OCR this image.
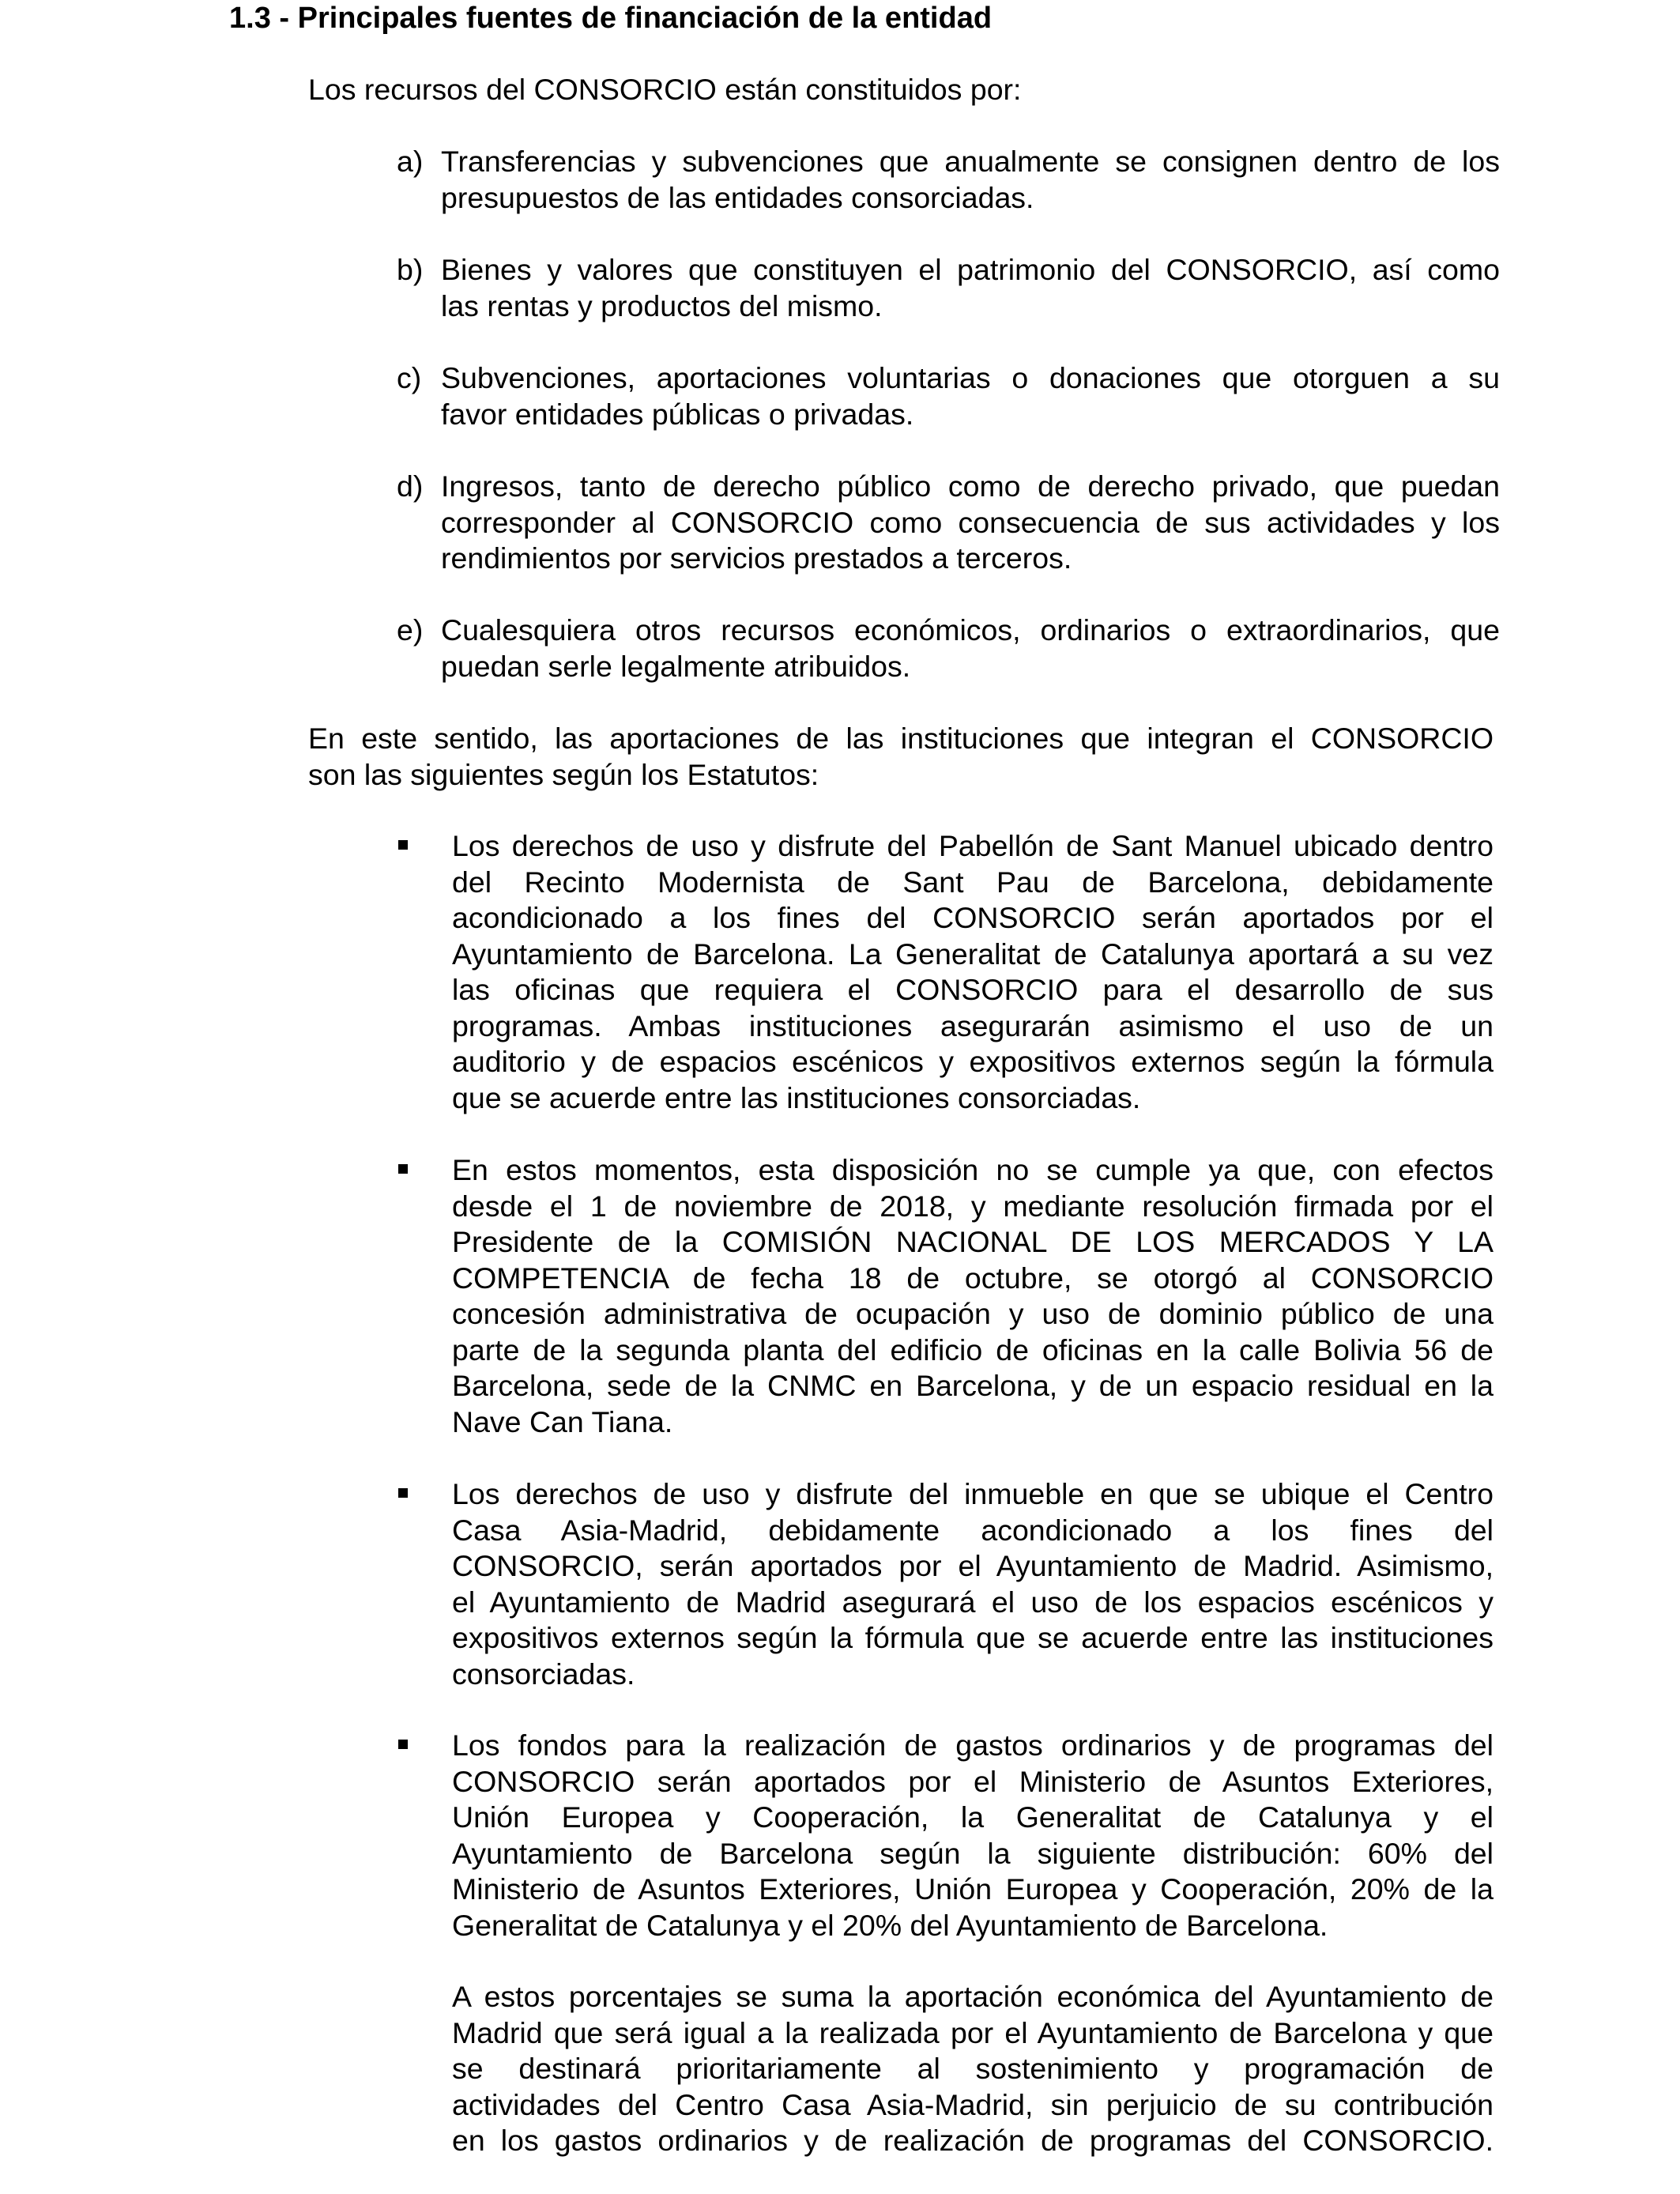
1.3 - Principales fuentes de financiación de la entidad
Los recursos del CONSORCIO están constituidos por:
a) Transferencias y subvenciones que anualmente se consignen dentro de los
presupuestos de las entidades consorciadas.
b) Bienes y valores que constituyen el patrimonio del CONSORCIO, así como
las rentas y productos del mismo.
c) Subvenciones, aportaciones voluntarias o donaciones que otorguen a su
favor entidades públicas o privadas.
d) Ingresos, tanto de derecho público como de derecho privado, que puedan
corresponder al CONSORCIO como consecuencia de sus actividades y los
rendimientos por servicios prestados a terceros.
e) Cualesquiera otros recursos económicos, ordinarios o extraordinarios, que
puedan serle legalmente atribuidos.
En este sentido, las aportaciones de las instituciones que integran el CONSORCIO
son las siguientes según los Estatutos:
Los derechos de uso y disfrute del Pabellón de Sant Manuel ubicado dentro
del Recinto Modernista de Sant Pau de Barcelona, debidamente
acondicionado a los fines del CONSORCIO serán aportados por el
Ayuntamiento de Barcelona. La Generalitat de Catalunya aportará a su vez
las oficinas que requiera el CONSORCIO para el desarrollo de sus
programas. Ambas instituciones asegurarán asimismo el uso de un
auditorio y de espacios escénicos y expositivos externos según la fórmula
que se acuerde entre las instituciones consorciadas.
En estos momentos, esta disposición no se cumple ya que, con efectos
desde el 1 de noviembre de 2018, y mediante resolución firmada por el
Presidente de la COMISIÓN NACIONAL DE LOS MERCADOS Y LA
COMPETENCIA de fecha 18 de octubre, se otorgó al CONSORCIO
concesión administrativa de ocupación y uso de dominio público de una
parte de la segunda planta del edificio de oficinas en la calle Bolivia 56 de
Barcelona, sede de la CNMC en Barcelona, y de un espacio residual en la
Nave Can Tiana.
Los derechos de uso y disfrute del inmueble en que se ubique el Centro
Casa Asia-Madrid, debidamente acondicionado a los fines del
CONSORCIO, serán aportados por el Ayuntamiento de Madrid. Asimismo,
el Ayuntamiento de Madrid asegurará el uso de los espacios escénicos y
expositivos externos según la fórmula que se acuerde entre las instituciones
consorciadas.
Los fondos para la realización de gastos ordinarios y de programas del
CONSORCIO serán aportados por el Ministerio de Asuntos Exteriores,
Unión Europea y Cooperación, la Generalitat de Catalunya y el
Ayuntamiento de Barcelona según la siguiente distribución: 60% del
Ministerio de Asuntos Exteriores, Unión Europea y Cooperación, 20% de la
Generalitat de Catalunya y el 20% del Ayuntamiento de Barcelona.
A estos porcentajes se suma la aportación económica del Ayuntamiento de
Madrid que será igual a la realizada por el Ayuntamiento de Barcelona y que
se destinará prioritariamente al sostenimiento y programación de
actividades del Centro Casa Asia-Madrid, sin perjuicio de su contribución
en los gastos ordinarios y de realización de programas del CONSORCIO.
